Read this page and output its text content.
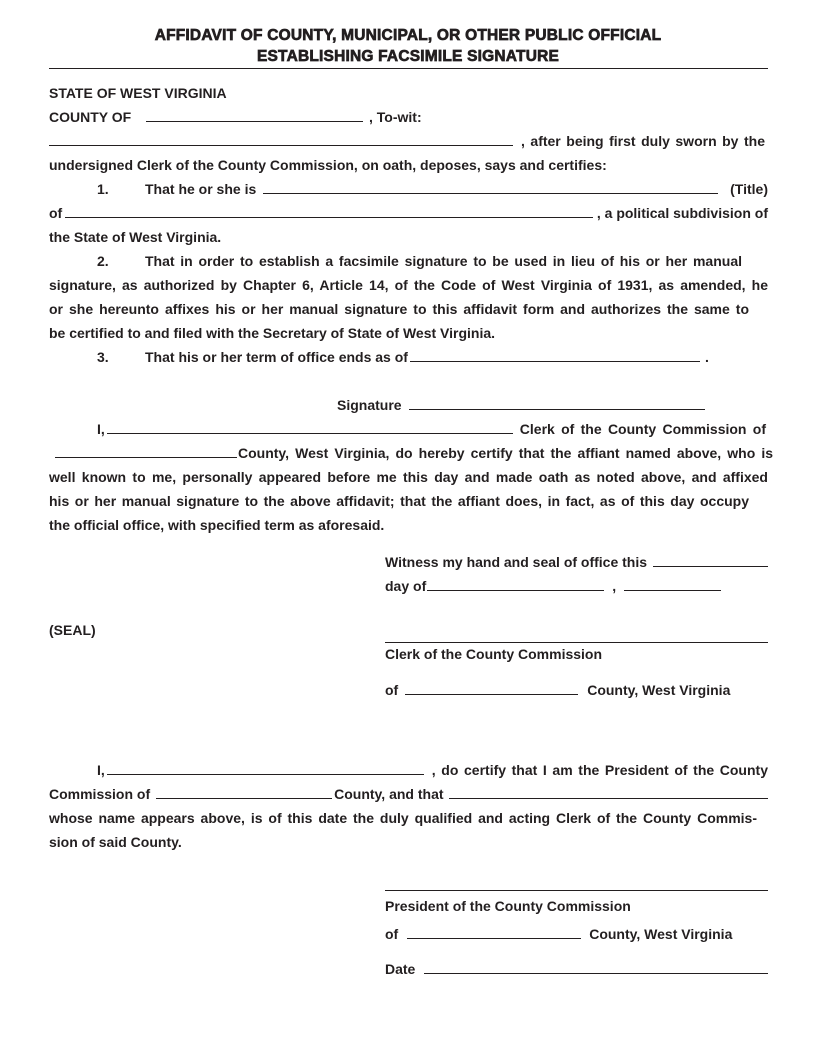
AFFIDAVIT OF COUNTY, MUNICIPAL, OR OTHER PUBLIC OFFICIAL
ESTABLISHING FACSIMILE SIGNATURE
STATE OF WEST VIRGINIA
COUNTY OF	, To-wit:
, after being first duly sworn by the
undersigned Clerk of the County Commission, on oath, deposes, says and certifies:
1.	That he or she is	(Title)
of	, a political subdivision of
the State of West Virginia.
2.	That in order to establish a facsimile signature to be used in lieu of his or her manual
signature, as authorized by Chapter 6, Article 14, of the Code of West Virginia of 1931, as amended, he
or she hereunto affixes his or her manual signature to this affidavit form and authorizes the same to
be certified to and filed with the Secretary of State of West Virginia.
3.	That his or her term of office ends as of	.
Signature
I,	Clerk of the County Commission of
County, West Virginia, do hereby certify that the affiant named above, who is
well known to me, personally appeared before me this day and made oath as noted above, and affixed
his or her manual signature to the above affidavit; that the affiant does, in fact, as of this day occupy
the official office, with specified term as aforesaid.
Witness my hand and seal of office this
day of	,
(SEAL)
Clerk of the County Commission
of	County, West Virginia
I,	, do certify that I am the President of the County
Commission of	County, and that
whose name appears above, is of this date the duly qualified and acting Clerk of the County Commis-
sion of said County.
President of the County Commission
of	County, West Virginia
Date
